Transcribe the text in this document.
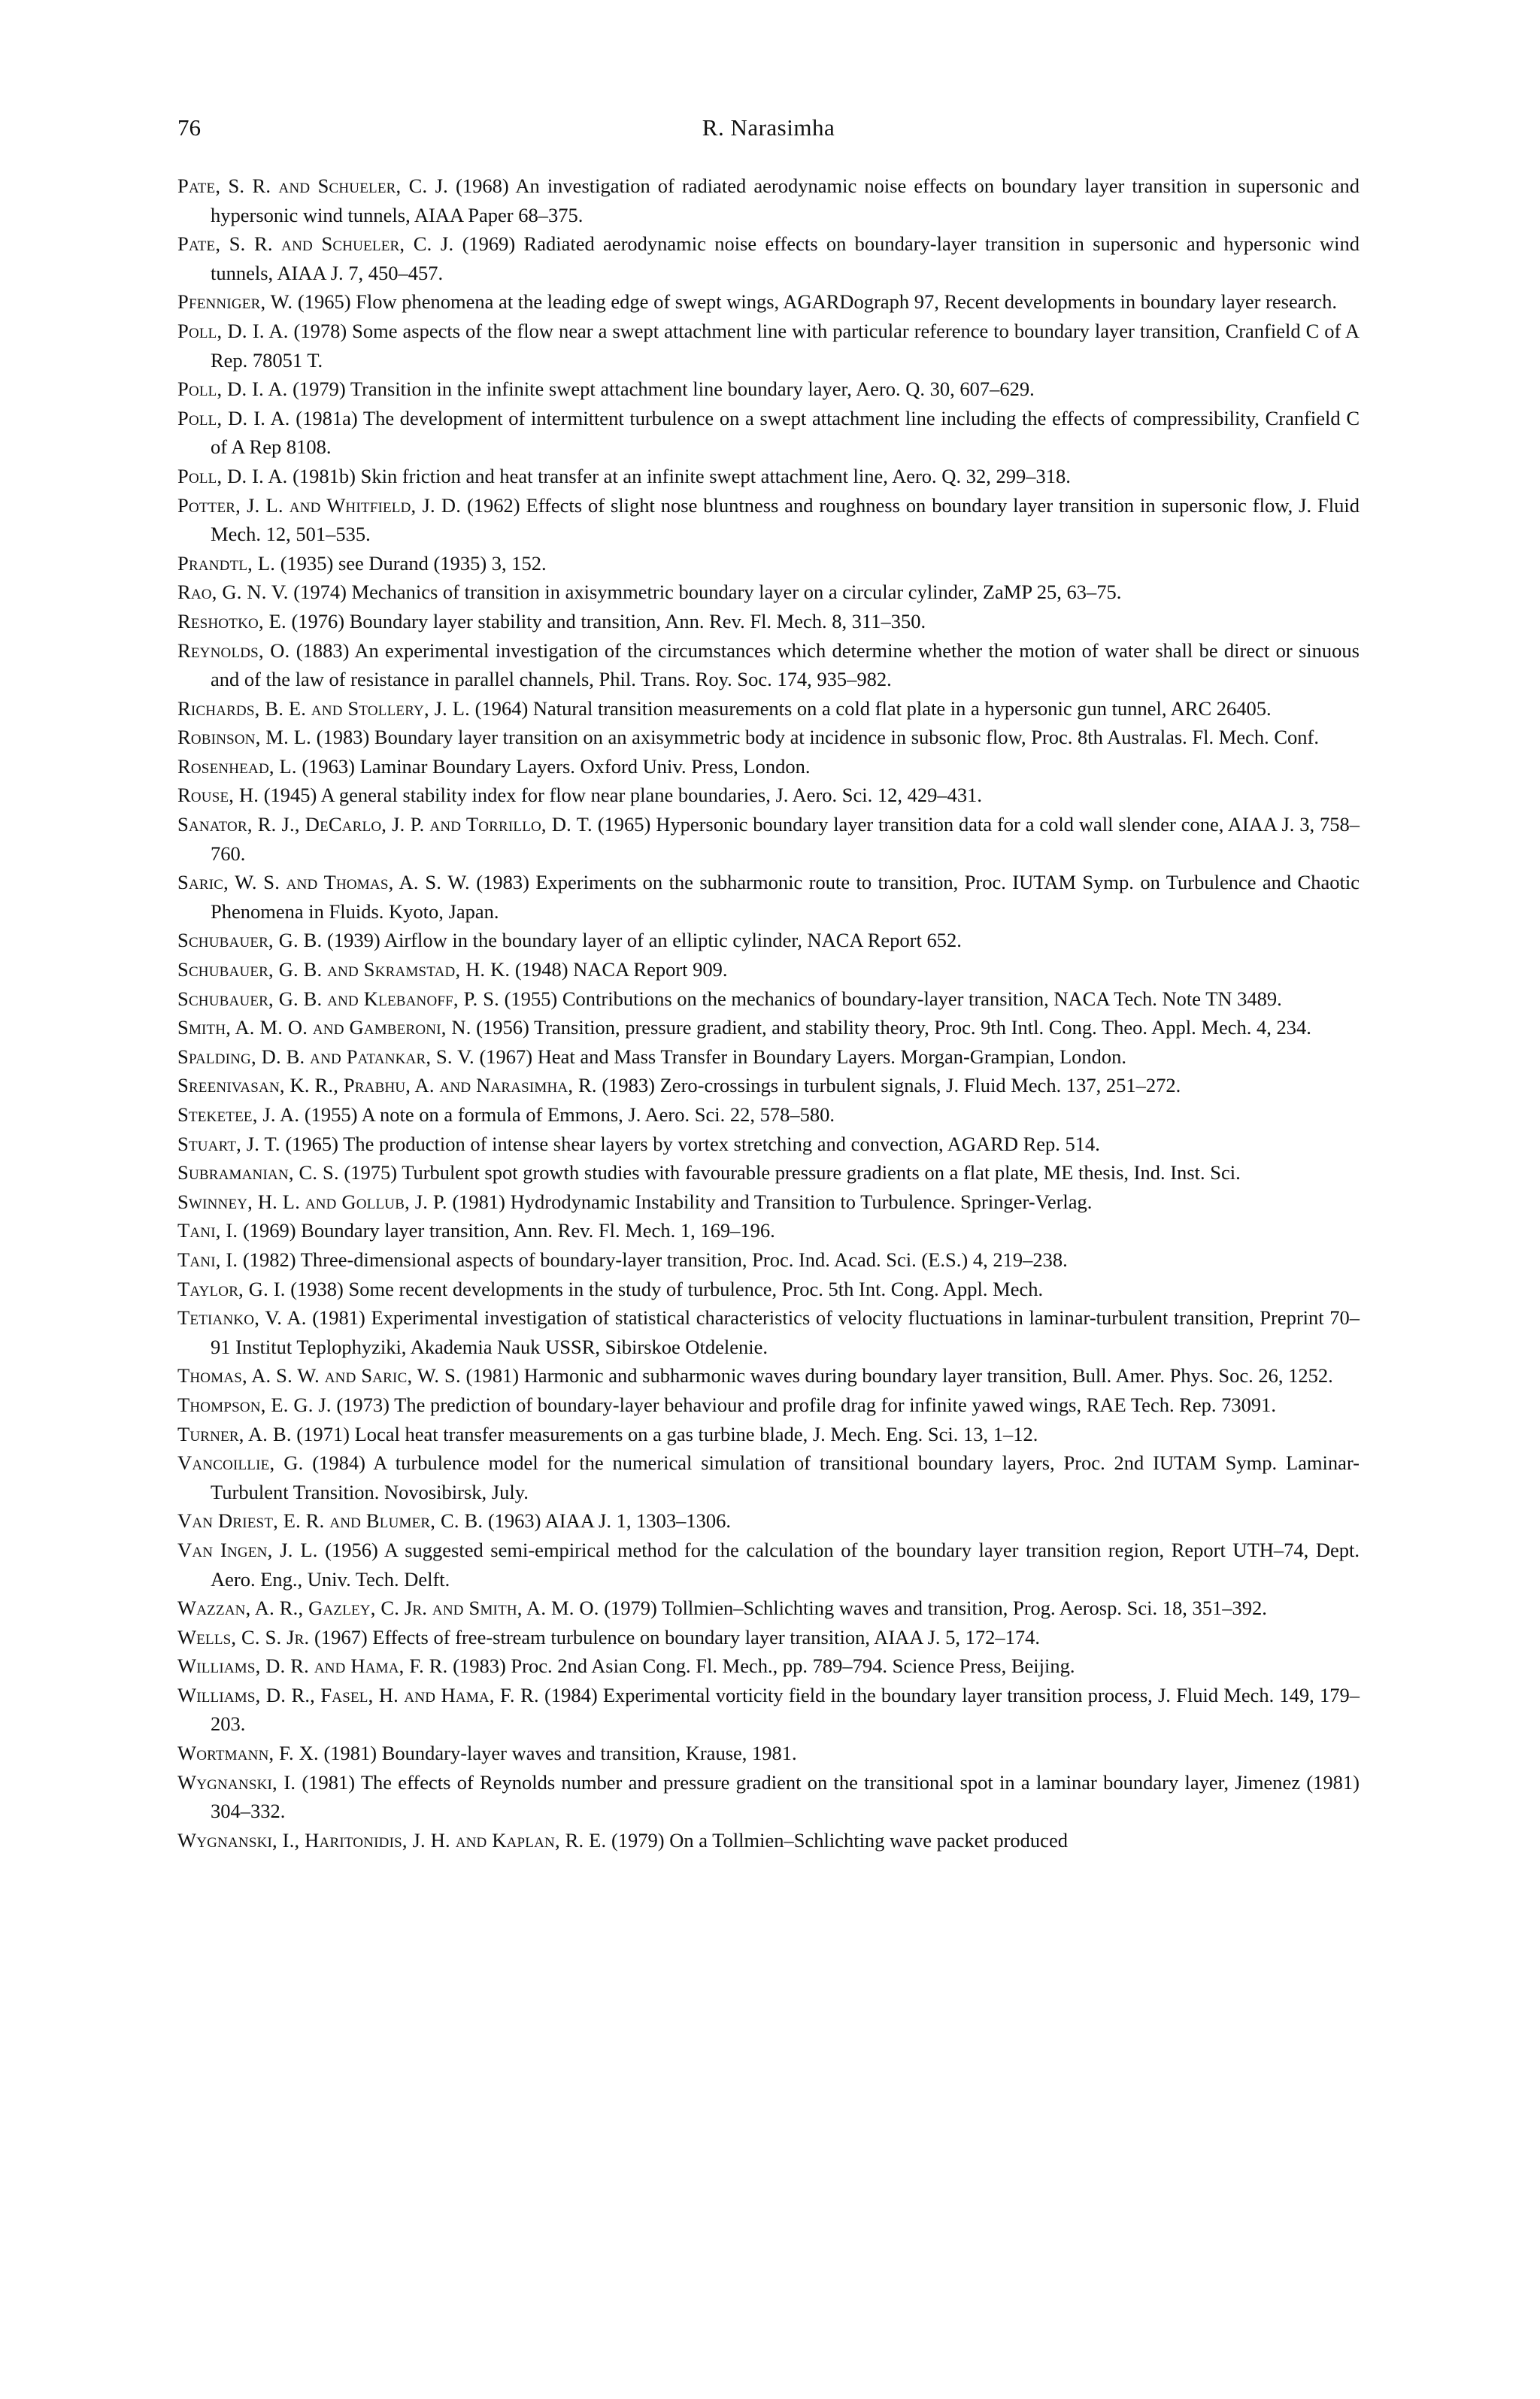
76	R. Narasimha
Pate, S. R. and Schueler, C. J. (1968) An investigation of radiated aerodynamic noise effects on boundary layer transition in supersonic and hypersonic wind tunnels, AIAA Paper 68–375.
Pate, S. R. and Schueler, C. J. (1969) Radiated aerodynamic noise effects on boundary-layer transition in supersonic and hypersonic wind tunnels, AIAA J. 7, 450–457.
Pfenniger, W. (1965) Flow phenomena at the leading edge of swept wings, AGARDograph 97, Recent developments in boundary layer research.
Poll, D. I. A. (1978) Some aspects of the flow near a swept attachment line with particular reference to boundary layer transition, Cranfield C of A Rep. 78051 T.
Poll, D. I. A. (1979) Transition in the infinite swept attachment line boundary layer, Aero. Q. 30, 607–629.
Poll, D. I. A. (1981a) The development of intermittent turbulence on a swept attachment line including the effects of compressibility, Cranfield C of A Rep 8108.
Poll, D. I. A. (1981b) Skin friction and heat transfer at an infinite swept attachment line, Aero. Q. 32, 299–318.
Potter, J. L. and Whitfield, J. D. (1962) Effects of slight nose bluntness and roughness on boundary layer transition in supersonic flow, J. Fluid Mech. 12, 501–535.
Prandtl, L. (1935) see Durand (1935) 3, 152.
Rao, G. N. V. (1974) Mechanics of transition in axisymmetric boundary layer on a circular cylinder, ZaMP 25, 63–75.
Reshotko, E. (1976) Boundary layer stability and transition, Ann. Rev. Fl. Mech. 8, 311–350.
Reynolds, O. (1883) An experimental investigation of the circumstances which determine whether the motion of water shall be direct or sinuous and of the law of resistance in parallel channels, Phil. Trans. Roy. Soc. 174, 935–982.
Richards, B. E. and Stollery, J. L. (1964) Natural transition measurements on a cold flat plate in a hypersonic gun tunnel, ARC 26405.
Robinson, M. L. (1983) Boundary layer transition on an axisymmetric body at incidence in subsonic flow, Proc. 8th Australas. Fl. Mech. Conf.
Rosenhead, L. (1963) Laminar Boundary Layers. Oxford Univ. Press, London.
Rouse, H. (1945) A general stability index for flow near plane boundaries, J. Aero. Sci. 12, 429–431.
Sanator, R. J., DeCarlo, J. P. and Torrillo, D. T. (1965) Hypersonic boundary layer transition data for a cold wall slender cone, AIAA J. 3, 758–760.
Saric, W. S. and Thomas, A. S. W. (1983) Experiments on the subharmonic route to transition, Proc. IUTAM Symp. on Turbulence and Chaotic Phenomena in Fluids. Kyoto, Japan.
Schubauer, G. B. (1939) Airflow in the boundary layer of an elliptic cylinder, NACA Report 652.
Schubauer, G. B. and Skramstad, H. K. (1948) NACA Report 909.
Schubauer, G. B. and Klebanoff, P. S. (1955) Contributions on the mechanics of boundary-layer transition, NACA Tech. Note TN 3489.
Smith, A. M. O. and Gamberoni, N. (1956) Transition, pressure gradient, and stability theory, Proc. 9th Intl. Cong. Theo. Appl. Mech. 4, 234.
Spalding, D. B. and Patankar, S. V. (1967) Heat and Mass Transfer in Boundary Layers. Morgan-Grampian, London.
Sreenivasan, K. R., Prabhu, A. and Narasimha, R. (1983) Zero-crossings in turbulent signals, J. Fluid Mech. 137, 251–272.
Steketee, J. A. (1955) A note on a formula of Emmons, J. Aero. Sci. 22, 578–580.
Stuart, J. T. (1965) The production of intense shear layers by vortex stretching and convection, AGARD Rep. 514.
Subramanian, C. S. (1975) Turbulent spot growth studies with favourable pressure gradients on a flat plate, ME thesis, Ind. Inst. Sci.
Swinney, H. L. and Gollub, J. P. (1981) Hydrodynamic Instability and Transition to Turbulence. Springer-Verlag.
Tani, I. (1969) Boundary layer transition, Ann. Rev. Fl. Mech. 1, 169–196.
Tani, I. (1982) Three-dimensional aspects of boundary-layer transition, Proc. Ind. Acad. Sci. (E.S.) 4, 219–238.
Taylor, G. I. (1938) Some recent developments in the study of turbulence, Proc. 5th Int. Cong. Appl. Mech.
Tetianko, V. A. (1981) Experimental investigation of statistical characteristics of velocity fluctuations in laminar-turbulent transition, Preprint 70–91 Institut Teplophyziki, Akademia Nauk USSR, Sibirskoe Otdelenie.
Thomas, A. S. W. and Saric, W. S. (1981) Harmonic and subharmonic waves during boundary layer transition, Bull. Amer. Phys. Soc. 26, 1252.
Thompson, E. G. J. (1973) The prediction of boundary-layer behaviour and profile drag for infinite yawed wings, RAE Tech. Rep. 73091.
Turner, A. B. (1971) Local heat transfer measurements on a gas turbine blade, J. Mech. Eng. Sci. 13, 1–12.
Vancoillie, G. (1984) A turbulence model for the numerical simulation of transitional boundary layers, Proc. 2nd IUTAM Symp. Laminar-Turbulent Transition. Novosibirsk, July.
Van Driest, E. R. and Blumer, C. B. (1963) AIAA J. 1, 1303–1306.
Van Ingen, J. L. (1956) A suggested semi-empirical method for the calculation of the boundary layer transition region, Report UTH–74, Dept. Aero. Eng., Univ. Tech. Delft.
Wazzan, A. R., Gazley, C. Jr. and Smith, A. M. O. (1979) Tollmien–Schlichting waves and transition, Prog. Aerosp. Sci. 18, 351–392.
Wells, C. S. Jr. (1967) Effects of free-stream turbulence on boundary layer transition, AIAA J. 5, 172–174.
Williams, D. R. and Hama, F. R. (1983) Proc. 2nd Asian Cong. Fl. Mech., pp. 789–794. Science Press, Beijing.
Williams, D. R., Fasel, H. and Hama, F. R. (1984) Experimental vorticity field in the boundary layer transition process, J. Fluid Mech. 149, 179–203.
Wortmann, F. X. (1981) Boundary-layer waves and transition, Krause, 1981.
Wygnanski, I. (1981) The effects of Reynolds number and pressure gradient on the transitional spot in a laminar boundary layer, Jimenez (1981) 304–332.
Wygnanski, I., Haritonidis, J. H. and Kaplan, R. E. (1979) On a Tollmien–Schlichting wave packet produced
